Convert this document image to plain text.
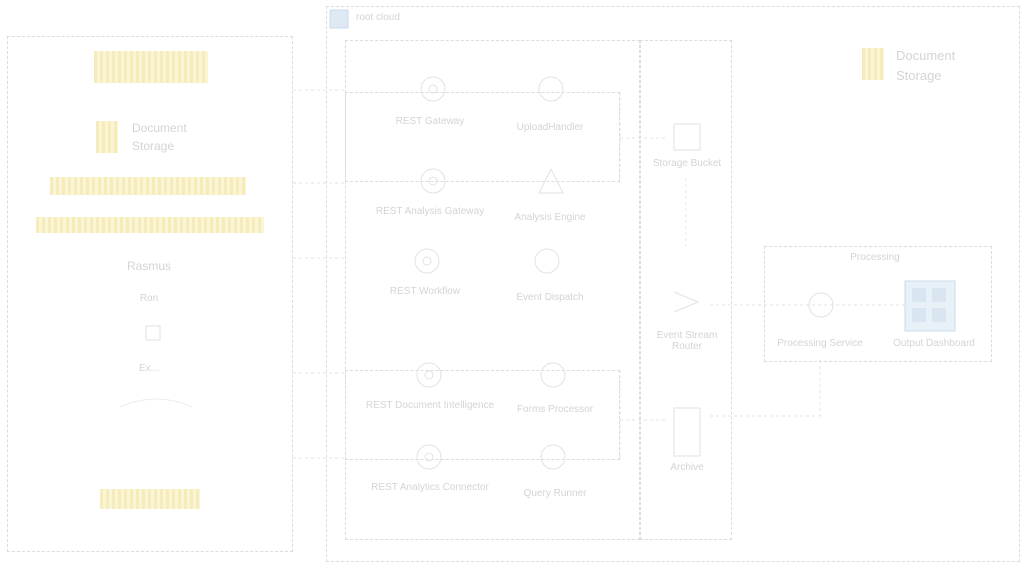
Document
Storage
Rasmus
Ron
Ex...
root cloud
Document
Storage
REST Gateway
UploadHandler
REST Analysis Gateway
Analysis Engine
REST Workflow
Event Dispatch
REST Document Intelligence	Forms Processor
REST Analytics Connector
Query Runner
Storage Bucket
Event Stream Router
Archive
Processing
Processing Service	Output Dashboard
